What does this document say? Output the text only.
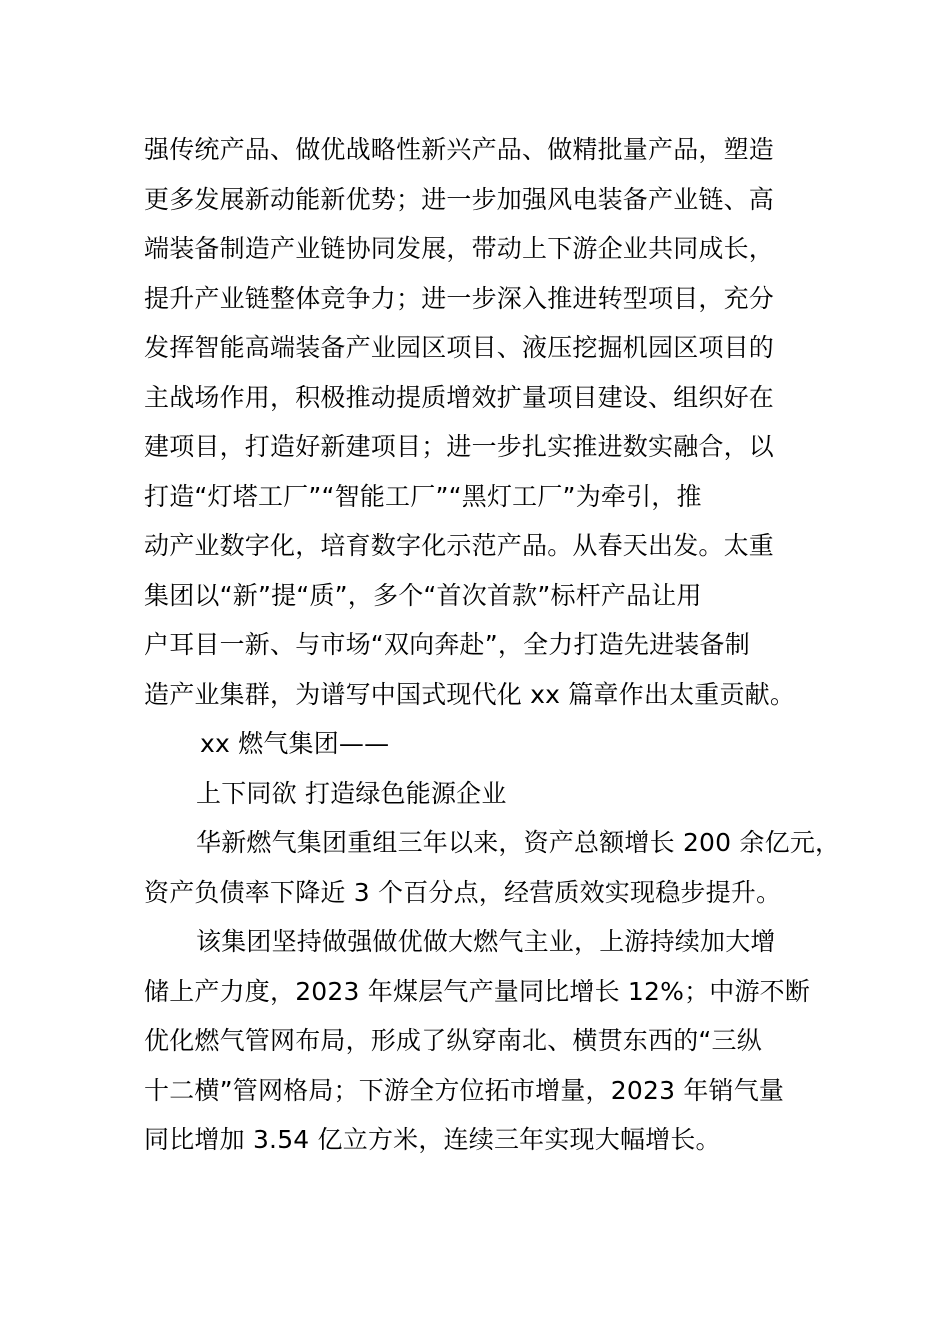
强传统产品、做优战略性新兴产品、做精批量产品，塑造
更多发展新动能新优势；进一步加强风电装备产业链、高
端装备制造产业链协同发展，带动上下游企业共同成长，
提升产业链整体竞争力；进一步深入推进转型项目，充分
发挥智能高端装备产业园区项目、液压挖掘机园区项目的
主战场作用，积极推动提质增效扩量项目建设、组织好在
建项目，打造好新建项目；进一步扎实推进数实融合，以
打造“灯塔工厂”“智能工厂”“黑灯工厂”为牵引，推
动产业数字化，培育数字化示范产品。从春天出发。太重
集团以“新”提“质”，多个“首次首款”标杆产品让用
户耳目一新、与市场“双向奔赴”，全力打造先进装备制
造产业集群，为谱写中国式现代化 xx 篇章作出太重贡献。
xx 燃气集团——
上下同欲 打造绿色能源企业
华新燃气集团重组三年以来，资产总额增长 200 余亿元，
资产负债率下降近 3 个百分点，经营质效实现稳步提升。
该集团坚持做强做优做大燃气主业，上游持续加大增
储上产力度，2023 年煤层气产量同比增长 12%；中游不断
优化燃气管网布局，形成了纵穿南北、横贯东西的“三纵
十二横”管网格局；下游全方位拓市增量，2023 年销气量
同比增加 3.54 亿立方米，连续三年实现大幅增长。
